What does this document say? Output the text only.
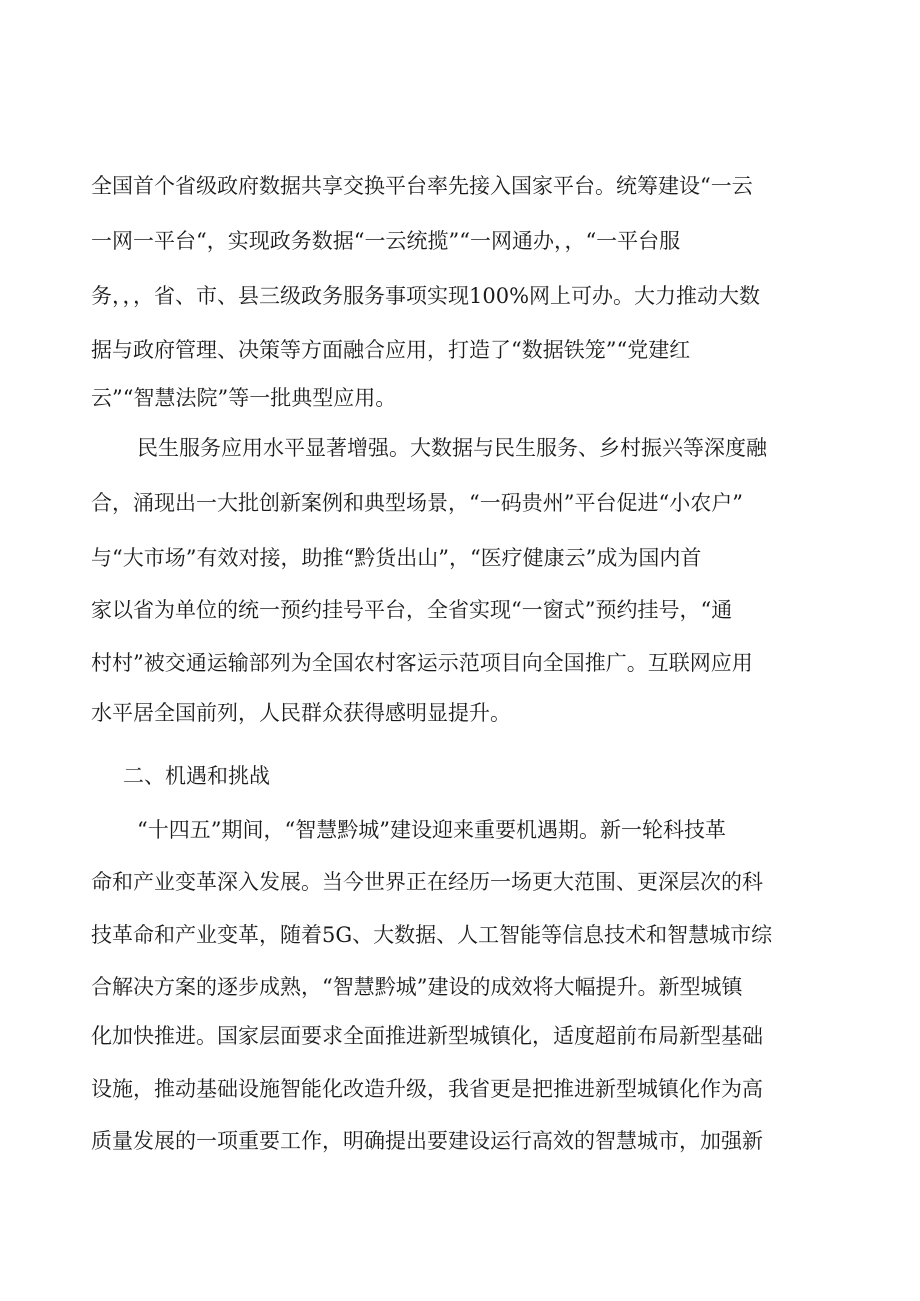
全国首个省级政府数据共享交换平台率先接入国家平台。统筹建设“一云

一网一平台“，实现政务数据“一云统揽”“一网通办，，“一平台服

务，，，省、市、县三级政务服务事项实现100%网上可办。大力推动大数

据与政府管理、决策等方面融合应用，打造了“数据铁笼”“党建红

云”“智慧法院”等一批典型应用。

民生服务应用水平显著增强。大数据与民生服务、乡村振兴等深度融

合，涌现出一大批创新案例和典型场景，“一码贵州”平台促进“小农户”

与“大市场”有效对接，助推“黔货出山”，“医疗健康云”成为国内首

家以省为单位的统一预约挂号平台，全省实现“一窗式”预约挂号，“通

村村”被交通运输部列为全国农村客运示范项目向全国推广。互联网应用

水平居全国前列，人民群众获得感明显提升。

二、机遇和挑战

“十四五”期间，“智慧黔城”建设迎来重要机遇期。新一轮科技革

命和产业变革深入发展。当今世界正在经历一场更大范围、更深层次的科

技革命和产业变革，随着5G、大数据、人工智能等信息技术和智慧城市综

合解决方案的逐步成熟，“智慧黔城”建设的成效将大幅提升。新型城镇

化加快推进。国家层面要求全面推进新型城镇化，适度超前布局新型基础

设施，推动基础设施智能化改造升级，我省更是把推进新型城镇化作为高

质量发展的一项重要工作，明确提出要建设运行高效的智慧城市，加强新
